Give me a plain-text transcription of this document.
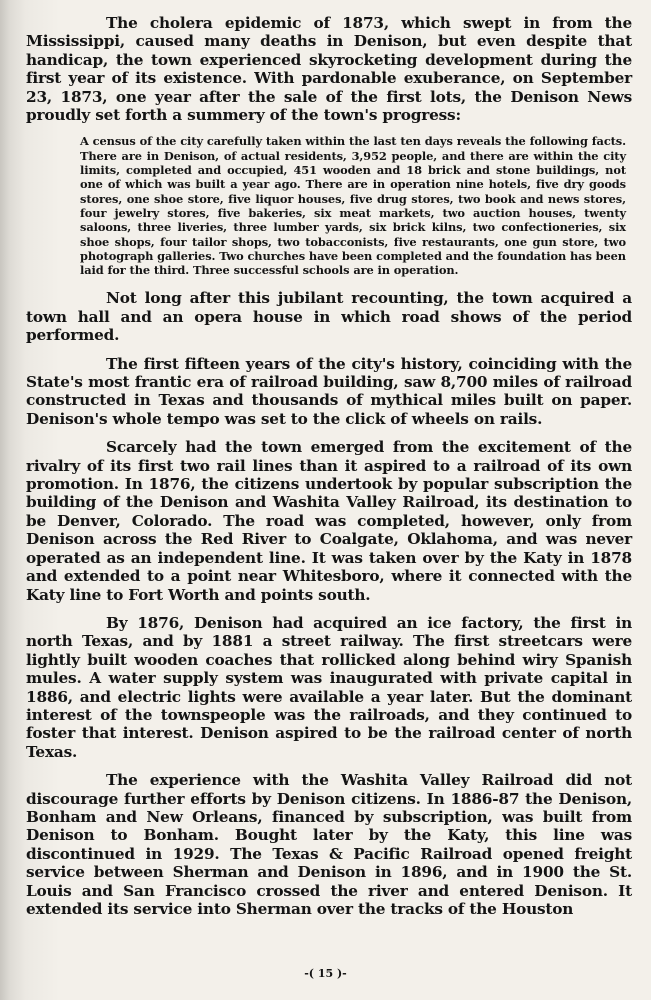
The cholera epidemic of 1873, which swept in from the Mississippi, caused many deaths in Denison, but even despite that handicap, the town experienced skyrocketing development during the first year of its existence. With pardonable exuberance, on September 23, 1873, one year after the sale of the first lots, the Denison News proudly set forth a summery of the town's progress:

A census of the city carefully taken within the last ten days reveals the following facts. There are in Denison, of actual residents, 3,952 people, and there are within the city limits, completed and occupied, 451 wooden and 18 brick and stone buildings, not one of which was built a year ago. There are in operation nine hotels, five dry goods stores, one shoe store, five liquor houses, five drug stores, two book and news stores, four jewelry stores, five bakeries, six meat markets, two auction houses, twenty saloons, three liveries, three lumber yards, six brick kilns, two confectioneries, six shoe shops, four tailor shops, two tobacconists, five restaurants, one gun store, two photograph galleries. Two churches have been completed and the foundation has been laid for the third. Three successful schools are in operation.

Not long after this jubilant recounting, the town acquired a town hall and an opera house in which road shows of the period performed.

The first fifteen years of the city's history, coinciding with the State's most frantic era of railroad building, saw 8,700 miles of railroad constructed in Texas and thousands of mythical miles built on paper. Denison's whole tempo was set to the click of wheels on rails.

Scarcely had the town emerged from the excitement of the rivalry of its first two rail lines than it aspired to a railroad of its own promotion. In 1876, the citizens undertook by popular subscription the building of the Denison and Washita Valley Railroad, its destination to be Denver, Colorado. The road was completed, however, only from Denison across the Red River to Coalgate, Oklahoma, and was never operated as an independent line. It was taken over by the Katy in 1878 and extended to a point near Whitesboro, where it connected with the Katy line to Fort Worth and points south.

By 1876, Denison had acquired an ice factory, the first in north Texas, and by 1881 a street railway. The first streetcars were lightly built wooden coaches that rollicked along behind wiry Spanish mules. A water supply system was inaugurated with private capital in 1886, and electric lights were available a year later. But the dominant interest of the townspeople was the railroads, and they continued to foster that interest. Denison aspired to be the railroad center of north Texas.

The experience with the Washita Valley Railroad did not discourage further efforts by Denison citizens. In 1886-87 the Denison, Bonham and New Orleans, financed by subscription, was built from Denison to Bonham. Bought later by the Katy, this line was discontinued in 1929. The Texas & Pacific Railroad opened freight service between Sherman and Denison in 1896, and in 1900 the St. Louis and San Francisco crossed the river and entered Denison. It extended its service into Sherman over the tracks of the Houston

-( 15 )-
